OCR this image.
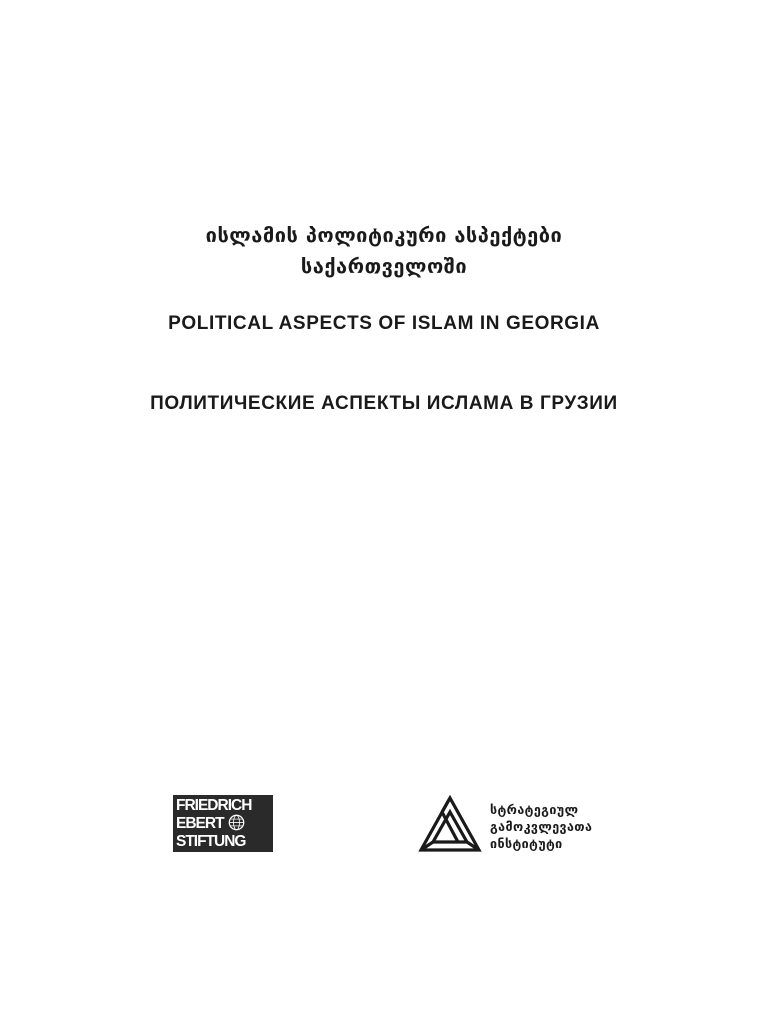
ისლამის პოლიტიკური ასპექტები
საქართველოში
POLITICAL ASPECTS OF ISLAM IN GEORGIA
ПОЛИТИЧЕСКИЕ АСПЕКТЫ ИСЛАМА В ГРУЗИИ
FRIEDRICH
EBERT
STIFTUNG
სტრატეგიულ
გამოკვლევათა
ინსტიტუტი
